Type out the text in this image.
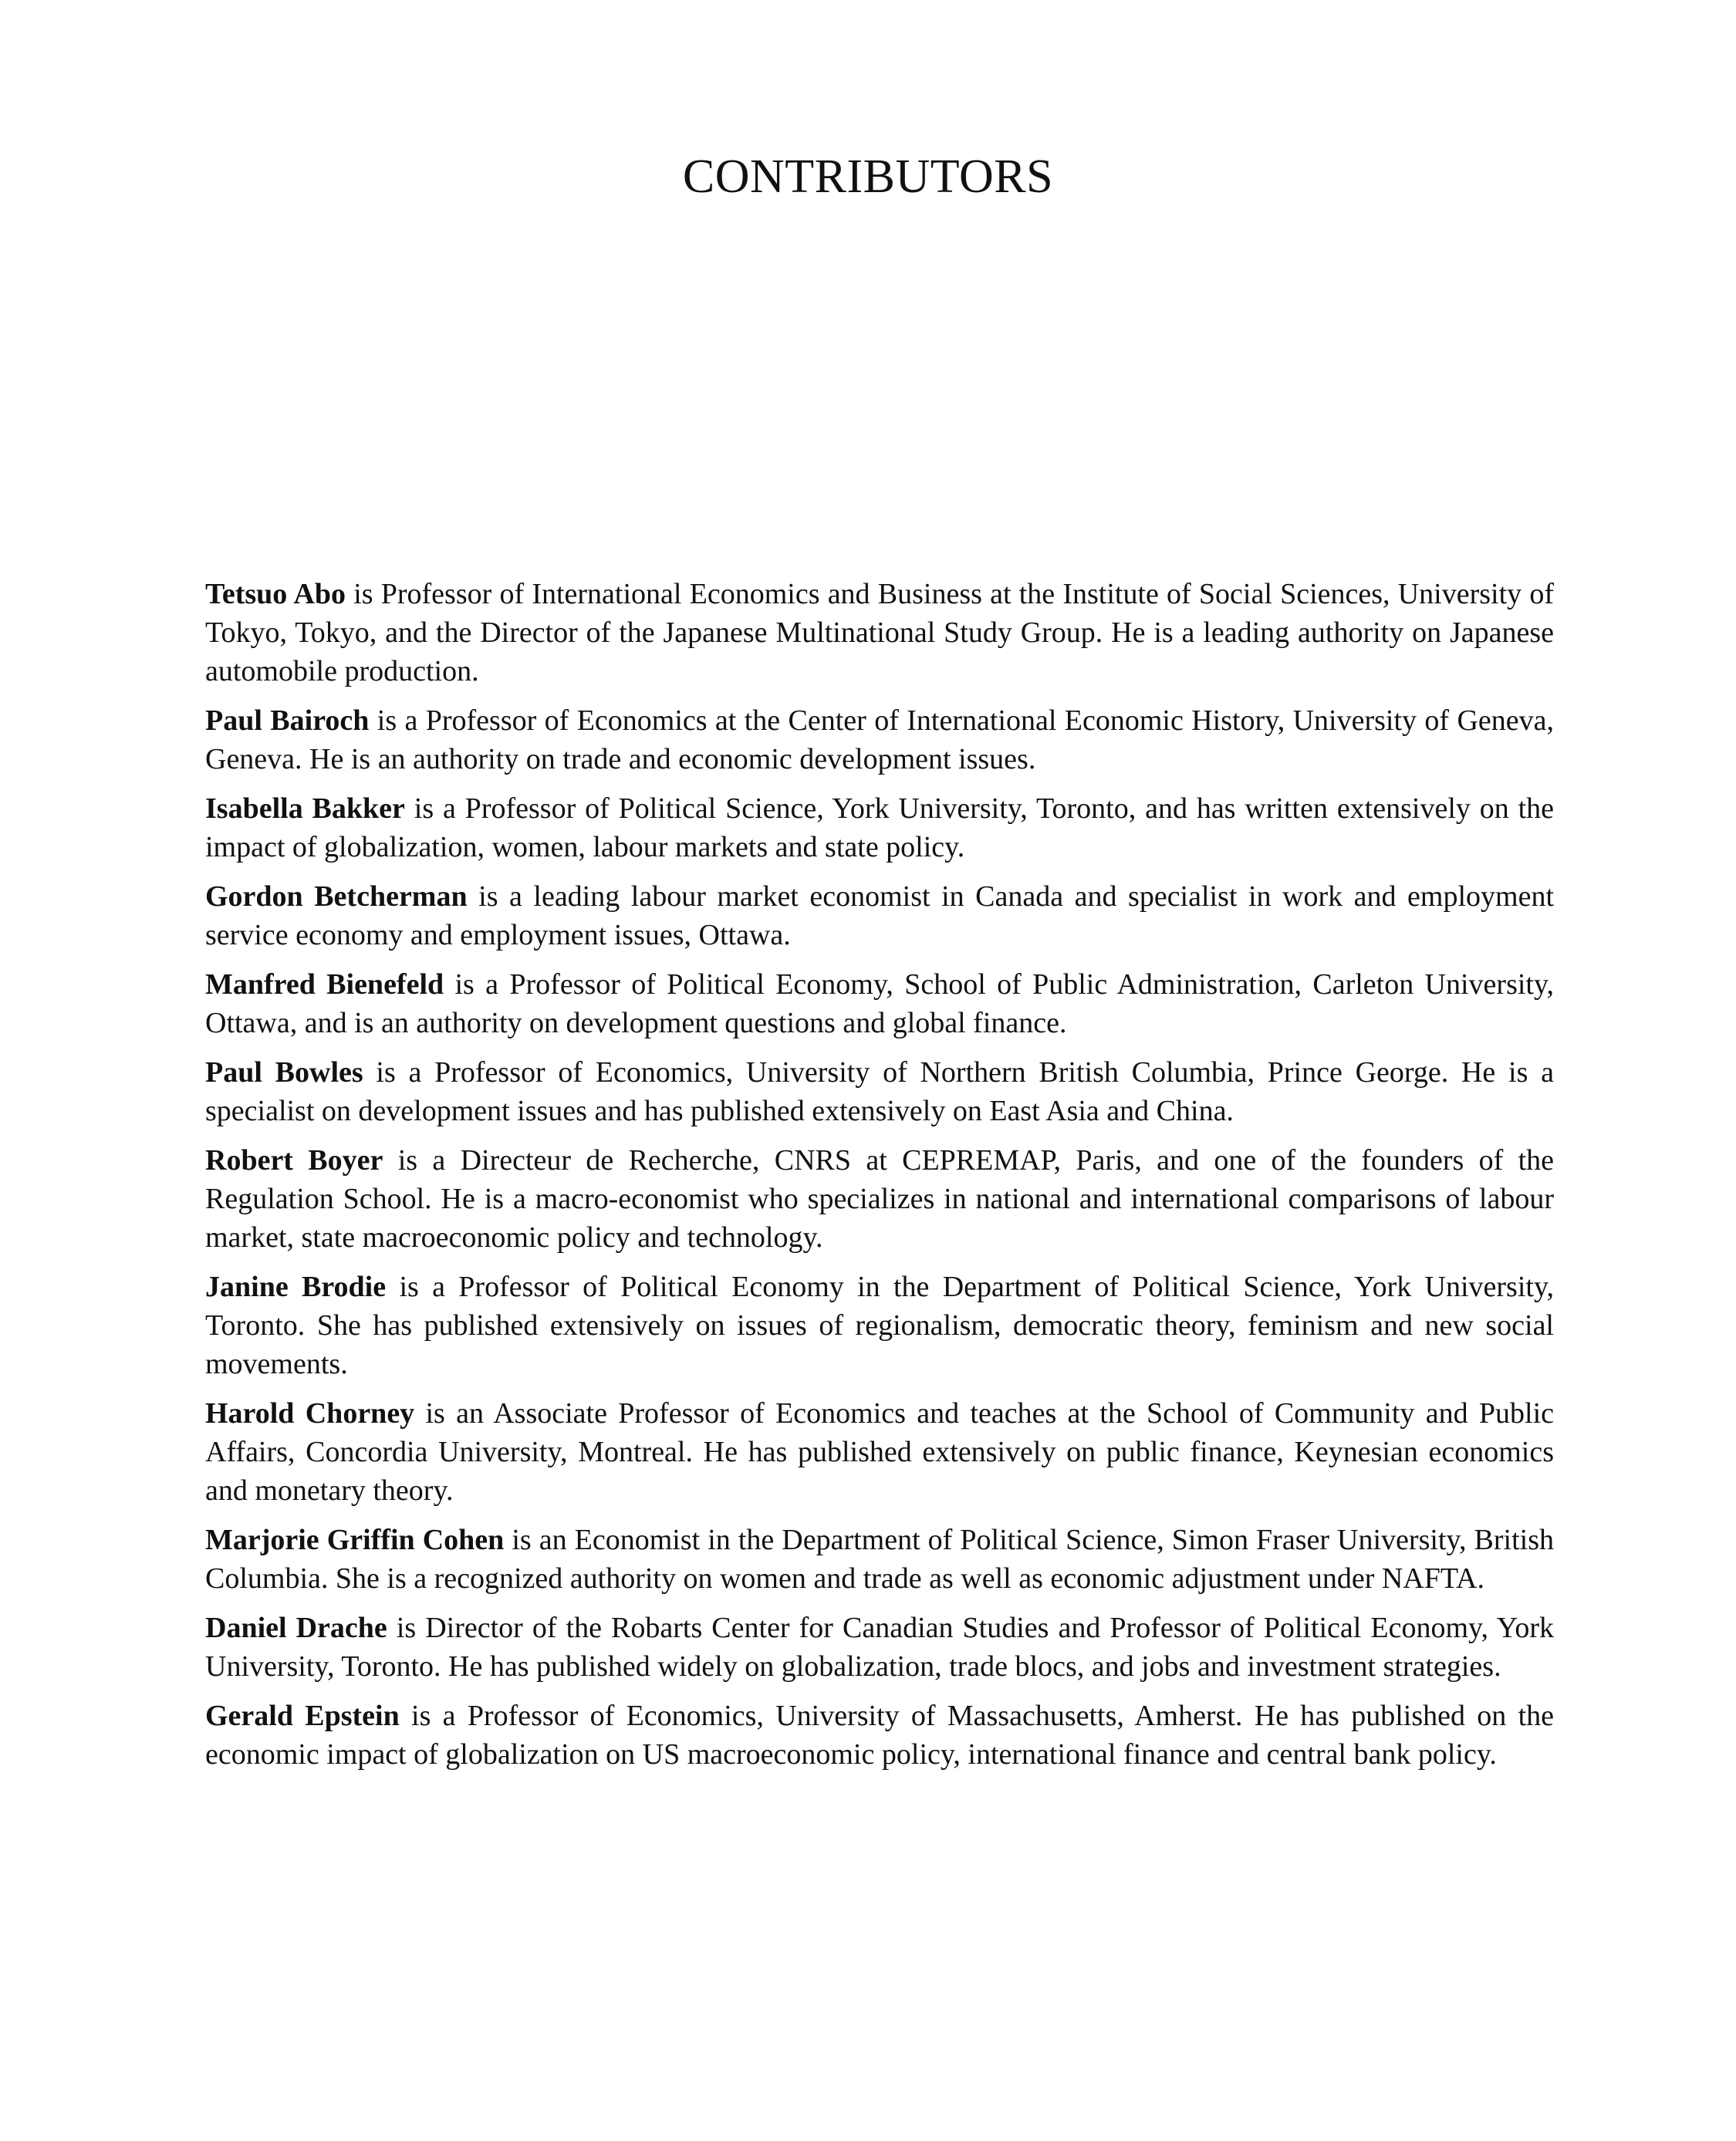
CONTRIBUTORS

Tetsuo Abo is Professor of International Economics and Business at the Institute of Social Sciences, University of Tokyo, Tokyo, and the Director of the Japanese Multinational Study Group. He is a leading authority on Japanese automobile production.

Paul Bairoch is a Professor of Economics at the Center of International Economic History, University of Geneva, Geneva. He is an authority on trade and economic development issues.

Isabella Bakker is a Professor of Political Science, York University, Toronto, and has written extensively on the impact of globalization, women, labour markets and state policy.

Gordon Betcherman is a leading labour market economist in Canada and specialist in work and employment service economy and employment issues, Ottawa.

Manfred Bienefeld is a Professor of Political Economy, School of Public Administration, Carleton University, Ottawa, and is an authority on development questions and global finance.

Paul Bowles is a Professor of Economics, University of Northern British Columbia, Prince George. He is a specialist on development issues and has published extensively on East Asia and China.

Robert Boyer is a Directeur de Recherche, CNRS at CEPREMAP, Paris, and one of the founders of the Regulation School. He is a macro-economist who specializes in national and international comparisons of labour market, state macroeconomic policy and technology.

Janine Brodie is a Professor of Political Economy in the Department of Political Science, York University, Toronto. She has published extensively on issues of regionalism, democratic theory, feminism and new social movements.

Harold Chorney is an Associate Professor of Economics and teaches at the School of Community and Public Affairs, Concordia University, Montreal. He has published extensively on public finance, Keynesian economics and monetary theory.

Marjorie Griffin Cohen is an Economist in the Department of Political Science, Simon Fraser University, British Columbia. She is a recognized authority on women and trade as well as economic adjustment under NAFTA.

Daniel Drache is Director of the Robarts Center for Canadian Studies and Professor of Political Economy, York University, Toronto. He has published widely on globalization, trade blocs, and jobs and investment strategies.

Gerald Epstein is a Professor of Economics, University of Massachusetts, Amherst. He has published on the economic impact of globalization on US macroeconomic policy, international finance and central bank policy.
